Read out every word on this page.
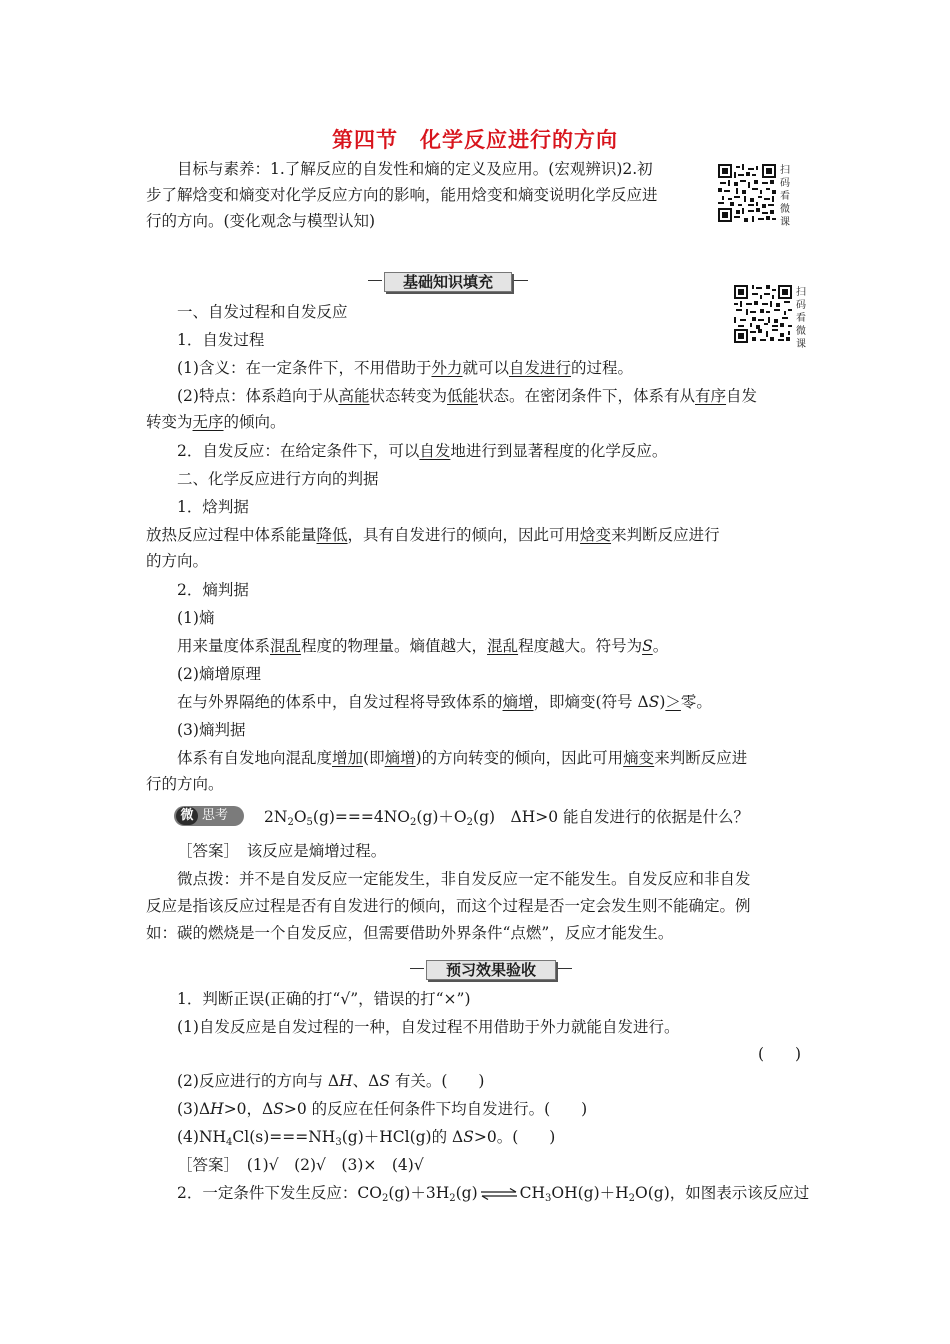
第四节　化学反应进行的方向
目标与素养：1.了解反应的自发性和熵的定义及应用。(宏观辨识)2.初
步了解焓变和熵变对化学反应方向的影响，能用焓变和熵变说明化学反应进
行的方向。(变化观念与模型认知)
扫
码
看
微
课
基础知识填充
扫
码
看
微
课
一、自发过程和自发反应
1．自发过程
(1)含义：在一定条件下，不用借助于外力就可以自发进行的过程。
(2)特点：体系趋向于从高能状态转变为低能状态。在密闭条件下，体系有从有序自发
转变为无序的倾向。
2．自发反应：在给定条件下，可以自发地进行到显著程度的化学反应。
二、化学反应进行方向的判据
1．焓判据
放热反应过程中体系能量降低，具有自发进行的倾向，因此可用焓变来判断反应进行
的方向。
2．熵判据
(1)熵
用来量度体系混乱程度的物理量。熵值越大，混乱程度越大。符号为S。
(2)熵增原理
在与外界隔绝的体系中，自发过程将导致体系的熵增，即熵变(符号 ΔS)＞零。
(3)熵判据
体系有自发地向混乱度增加(即熵增)的方向转变的倾向，因此可用熵变来判断反应进
行的方向。
微 思考 $2N_2O_5(g)===4NO_2(g)+O_2(g)$　ΔH>0 能自发进行的依据是什么？
［答案］　该反应是熵增过程。
微点拨：并不是自发反应一定能发生，非自发反应一定不能发生。自发反应和非自发
反应是指该反应过程是否有自发进行的倾向，而这个过程是否一定会发生则不能确定。例
如：碳的燃烧是一个自发反应，但需要借助外界条件“点燃”，反应才能发生。
预习效果验收
1．判断正误(正确的打“√”，错误的打“×”)
(1)自发反应是自发过程的一种，自发过程不用借助于外力就能自发进行。
(　　)
(2)反应进行的方向与 ΔH、ΔS 有关。(　　)
(3)ΔH>0，ΔS>0 的反应在任何条件下均自发进行。(　　)
$(4)NH_4Cl(s)===NH_3(g)+HCl(g)$的 ΔS>0。(　　)
［答案］　(1)√　(2)√　(3)×　(4)√
2．一定条件下发生反应：$CO_2(g)+3H_2(g)\rightleftharpoons CH_3OH(g)+H_2O(g)$，如图表示该反应过
